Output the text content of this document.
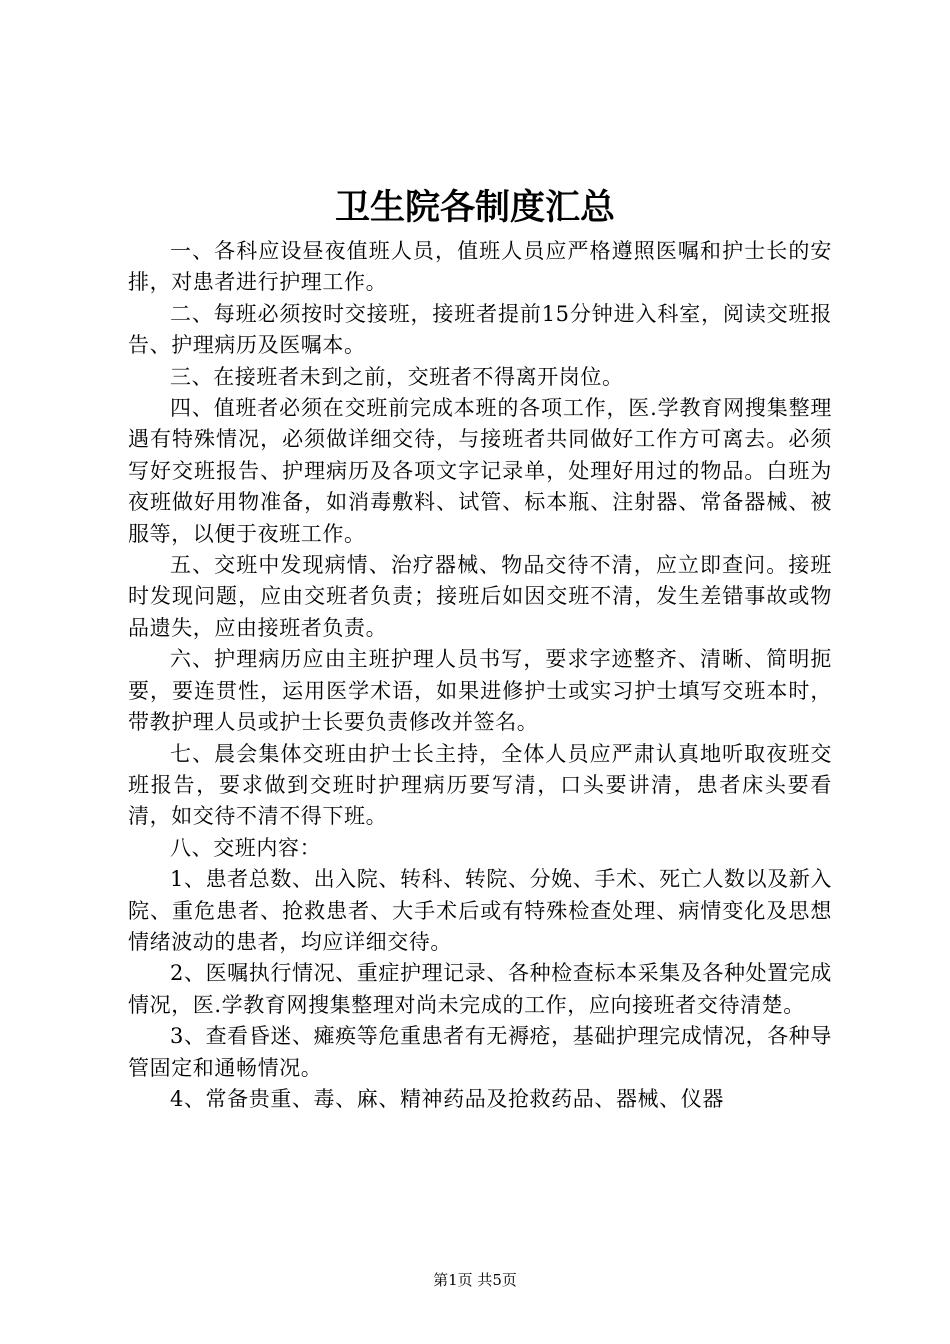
卫生院各制度汇总

一、各科应设昼夜值班人员，值班人员应严格遵照医嘱和护士长的安排，对患者进行护理工作。

二、每班必须按时交接班，接班者提前15分钟进入科室，阅读交班报告、护理病历及医嘱本。

三、在接班者未到之前，交班者不得离开岗位。

四、值班者必须在交班前完成本班的各项工作，医.学教育网搜集整理遇有特殊情况，必须做详细交待，与接班者共同做好工作方可离去。必须写好交班报告、护理病历及各项文字记录单，处理好用过的物品。白班为夜班做好用物准备，如消毒敷料、试管、标本瓶、注射器、常备器械、被服等，以便于夜班工作。

五、交班中发现病情、治疗器械、物品交待不清，应立即查问。接班时发现问题，应由交班者负责；接班后如因交班不清，发生差错事故或物品遗失，应由接班者负责。

六、护理病历应由主班护理人员书写，要求字迹整齐、清晰、简明扼要，要连贯性，运用医学术语，如果进修护士或实习护士填写交班本时，带教护理人员或护士长要负责修改并签名。

七、晨会集体交班由护士长主持，全体人员应严肃认真地听取夜班交班报告，要求做到交班时护理病历要写清，口头要讲清，患者床头要看清，如交待不清不得下班。

八、交班内容：

1、患者总数、出入院、转科、转院、分娩、手术、死亡人数以及新入院、重危患者、抢救患者、大手术后或有特殊检查处理、病情变化及思想情绪波动的患者，均应详细交待。

2、医嘱执行情况、重症护理记录、各种检查标本采集及各种处置完成情况，医.学教育网搜集整理对尚未完成的工作，应向接班者交待清楚。

3、查看昏迷、瘫痪等危重患者有无褥疮，基础护理完成情况，各种导管固定和通畅情况。

4、常备贵重、毒、麻、精神药品及抢救药品、器械、仪器

第1页 共5页
